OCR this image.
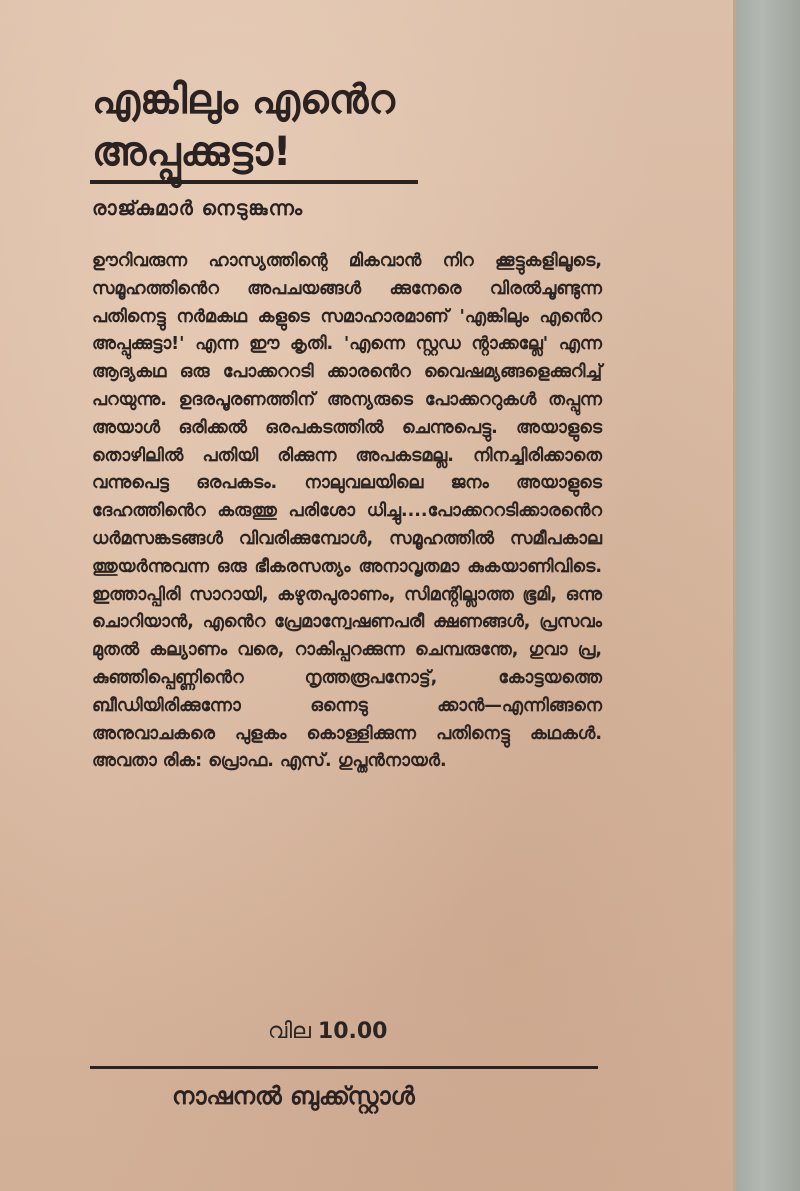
എങ്കിലും എൻെറ
അപ്പുക്കുട്ടാ!
രാജ്കുമാർ നെടുങ്കുന്നം

ഊറിവരുന്ന ഹാസ്യത്തിന്റെ മികവാൻ നിറ ക്കൂട്ടുകളിലൂടെ, സമൂഹത്തിൻെറ അപചയങ്ങൾ ക്കുനേരെ വിരൽചൂണ്ടുന്ന പതിനെട്ടു നർമകഥ കളുടെ സമാഹാരമാണ് 'എങ്കിലും എൻെറ അപ്പുക്കുട്ടാ!' എന്ന ഈ കൃതി. 'എന്നെ സ്റ്റഡ ൻ്റാക്കല്ലേ' എന്ന ആദ്യകഥ ഒരു പോക്കററടി ക്കാരൻെറ വൈഷമ്യങ്ങളെക്കുറിച്ച് പറയുന്നു. ഉദരപൂരണത്തിന് അന്യരുടെ പോക്കററുകൾ തപ്പുന്ന അയാൾ ഒരിക്കൽ ഒരപകടത്തിൽ ചെന്നുപെട്ടു. അയാളുടെ തൊഴിലിൽ പതിയി രിക്കുന്ന അപകടമല്ല. നിനച്ചിരിക്കാതെ വന്നുപെട്ട ഒരപകടം. നാലുവലയിലെ ജനം അയാളുടെ ദേഹത്തിൻെറ കരുത്തു പരിശോ ധിച്ചു....പോക്കററടിക്കാരൻെറ ധർമസങ്കടങ്ങൾ വിവരിക്കുമ്പോൾ, സമൂഹത്തിൽ സമീപകാല ത്തുയർന്നുവന്ന ഒരു ഭീകരസത്യം അനാവൃതമാ കുകയാണിവിടെ. ഇത്താപ്പിരി സാറായി, കഴുതപുരാണം, സിമൻ്റില്ലാത്ത ഭൂമി, ഒന്നു ചൊറിയാൻ, എൻെറ പ്രേമാന്വേഷണപരീ ക്ഷണങ്ങൾ, പ്രസവം മുതൽ കല്യാണം വരെ, റാകിപ്പറക്കുന്ന ചെമ്പരുന്തേ, ഗുവാ പ്ര, കുഞ്ഞിപ്പെണ്ണിൻെറ നൃത്തരൂപനോട്ട്, കോട്ടയത്തെ ബീഡിയിരിക്കുന്നോ ഒന്നെടു ക്കാൻ—എന്നിങ്ങനെ അനുവാചകരെ പുളകം കൊള്ളിക്കുന്ന പതിനെട്ടു കഥകൾ. അവതാ രിക: പ്രൊഫ. എസ്. ഗുപ്തൻനായർ.

വില 10.00
നാഷനൽ ബുക്ക്സ്റ്റാൾ
